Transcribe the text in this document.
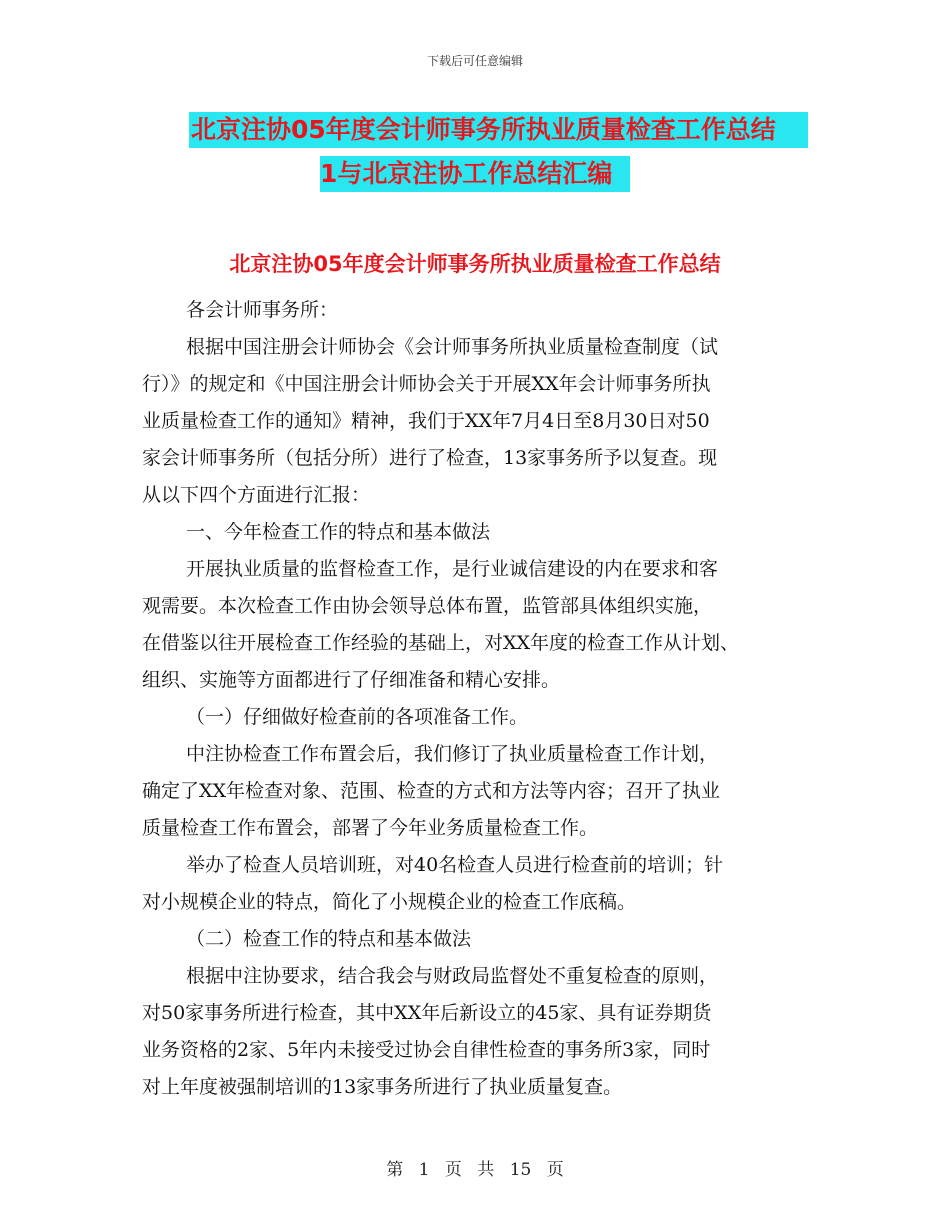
下载后可任意编辑
北京注协05年度会计师事务所执业质量检查工作总结
1与北京注协工作总结汇编
北京注协05年度会计师事务所执业质量检查工作总结

各会计师事务所：

根据中国注册会计师协会《会计师事务所执业质量检查制度（试

行）》的规定和《中国注册会计师协会关于开展XX年会计师事务所执

业质量检查工作的通知》精神，我们于XX年7月4日至8月30日对50

家会计师事务所（包括分所）进行了检查，13家事务所予以复查。现

从以下四个方面进行汇报：

一、今年检查工作的特点和基本做法

开展执业质量的监督检查工作，是行业诚信建设的内在要求和客

观需要。本次检查工作由协会领导总体布置，监管部具体组织实施，

在借鉴以往开展检查工作经验的基础上，对XX年度的检查工作从计划、

组织、实施等方面都进行了仔细准备和精心安排。

（一）仔细做好检查前的各项准备工作。

中注协检查工作布置会后，我们修订了执业质量检查工作计划，

确定了XX年检查对象、范围、检查的方式和方法等内容；召开了执业

质量检查工作布置会，部署了今年业务质量检查工作。

举办了检查人员培训班，对40名检查人员进行检查前的培训；针

对小规模企业的特点，简化了小规模企业的检查工作底稿。

（二）检查工作的特点和基本做法

根据中注协要求，结合我会与财政局监督处不重复检查的原则，

对50家事务所进行检查，其中XX年后新设立的45家、具有证券期货

业务资格的2家、5年内未接受过协会自律性检查的事务所3家，同时

对上年度被强制培训的13家事务所进行了执业质量复查。

第 1 页 共 15 页
